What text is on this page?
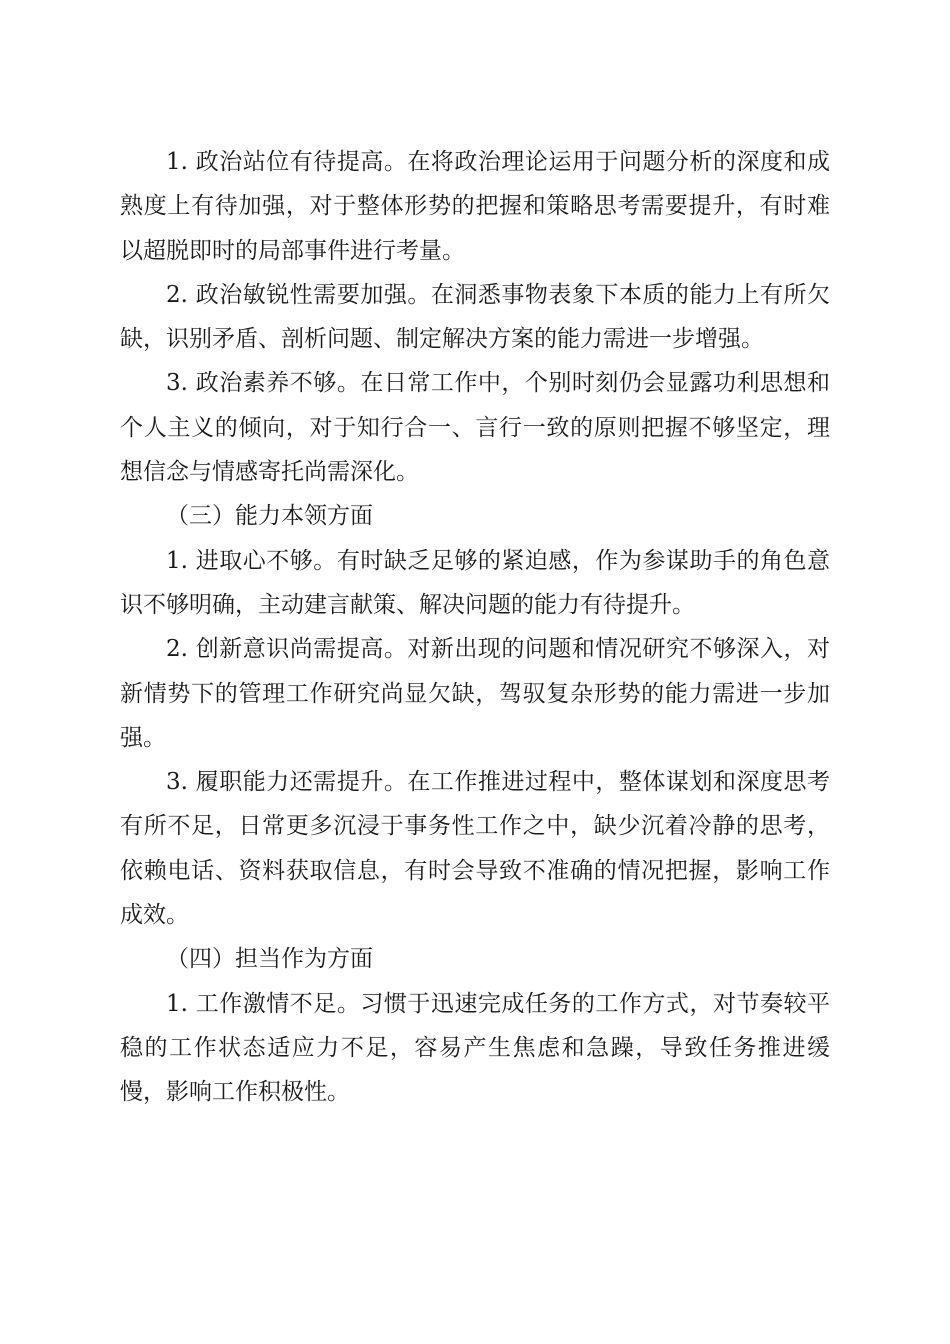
1. 政治站位有待提高。在将政治理论运用于问题分析的深度和成熟度上有待加强，对于整体形势的把握和策略思考需要提升，有时难以超脱即时的局部事件进行考量。

2. 政治敏锐性需要加强。在洞悉事物表象下本质的能力上有所欠缺，识别矛盾、剖析问题、制定解决方案的能力需进一步增强。

3. 政治素养不够。在日常工作中，个别时刻仍会显露功利思想和个人主义的倾向，对于知行合一、言行一致的原则把握不够坚定，理想信念与情感寄托尚需深化。

（三）能力本领方面

1. 进取心不够。有时缺乏足够的紧迫感，作为参谋助手的角色意识不够明确，主动建言献策、解决问题的能力有待提升。

2. 创新意识尚需提高。对新出现的问题和情况研究不够深入，对新情势下的管理工作研究尚显欠缺，驾驭复杂形势的能力需进一步加强。

3. 履职能力还需提升。在工作推进过程中，整体谋划和深度思考有所不足，日常更多沉浸于事务性工作之中，缺少沉着冷静的思考，依赖电话、资料获取信息，有时会导致不准确的情况把握，影响工作成效。

（四）担当作为方面

1. 工作激情不足。习惯于迅速完成任务的工作方式，对节奏较平稳的工作状态适应力不足，容易产生焦虑和急躁，导致任务推进缓慢，影响工作积极性。
